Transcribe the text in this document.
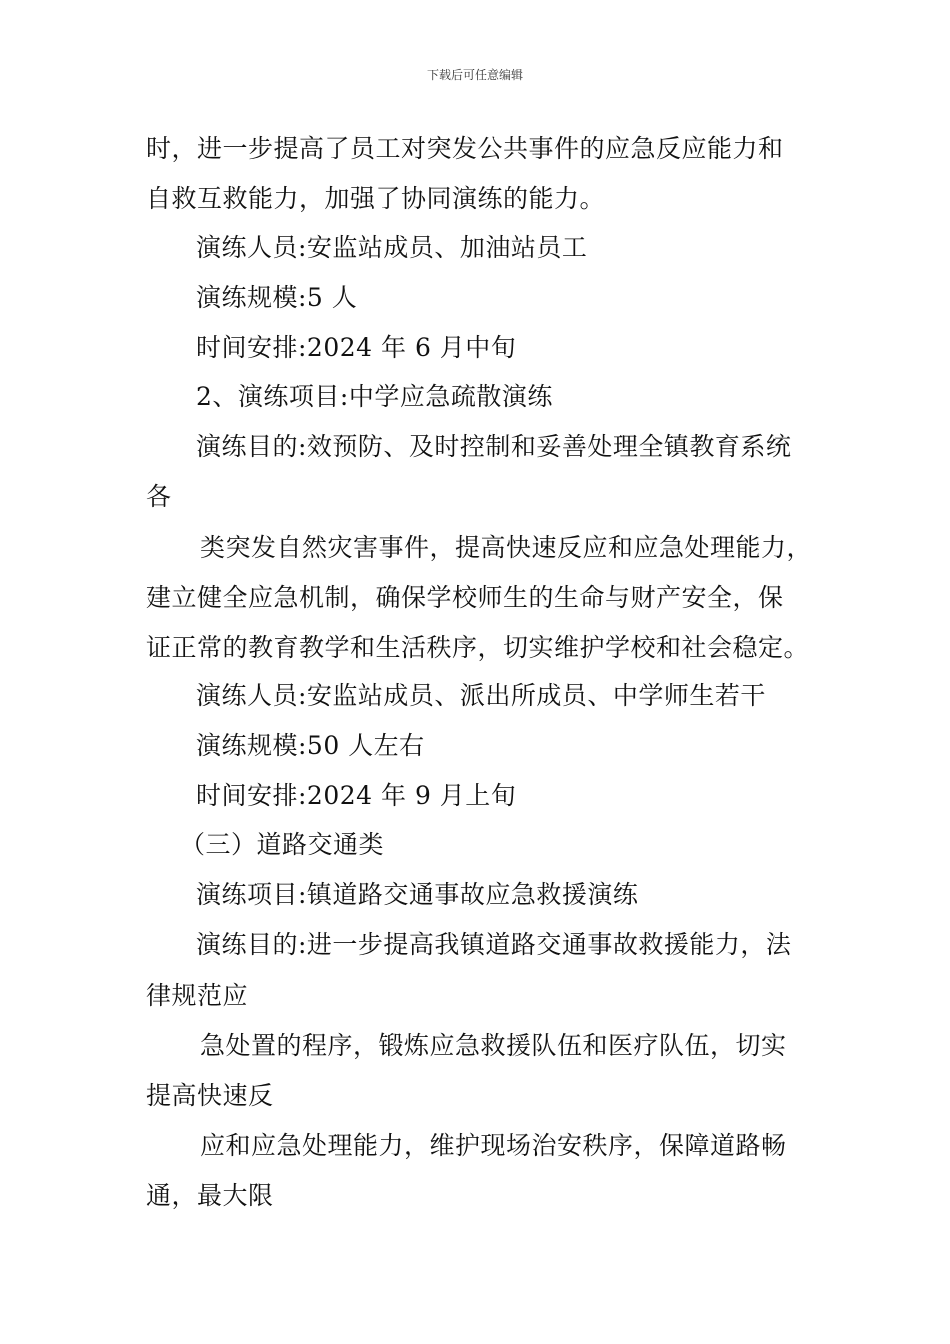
下载后可任意编辑
时，进一步提高了员工对突发公共事件的应急反应能力和
自救互救能力，加强了协同演练的能力。
演练人员:安监站成员、加油站员工
演练规模:5 人
时间安排:2024 年 6 月中旬
2、演练项目:中学应急疏散演练
演练目的:效预防、及时控制和妥善处理全镇教育系统
各
类突发自然灾害事件，提高快速反应和应急处理能力，
建立健全应急机制，确保学校师生的生命与财产安全，保
证正常的教育教学和生活秩序，切实维护学校和社会稳定。
演练人员:安监站成员、派出所成员、中学师生若干
演练规模:50 人左右
时间安排:2024 年 9 月上旬
（三）道路交通类
演练项目:镇道路交通事故应急救援演练
演练目的:进一步提高我镇道路交通事故救援能力，法
律规范应
急处置的程序，锻炼应急救援队伍和医疗队伍，切实
提高快速反
应和应急处理能力，维护现场治安秩序，保障道路畅
通，最大限
